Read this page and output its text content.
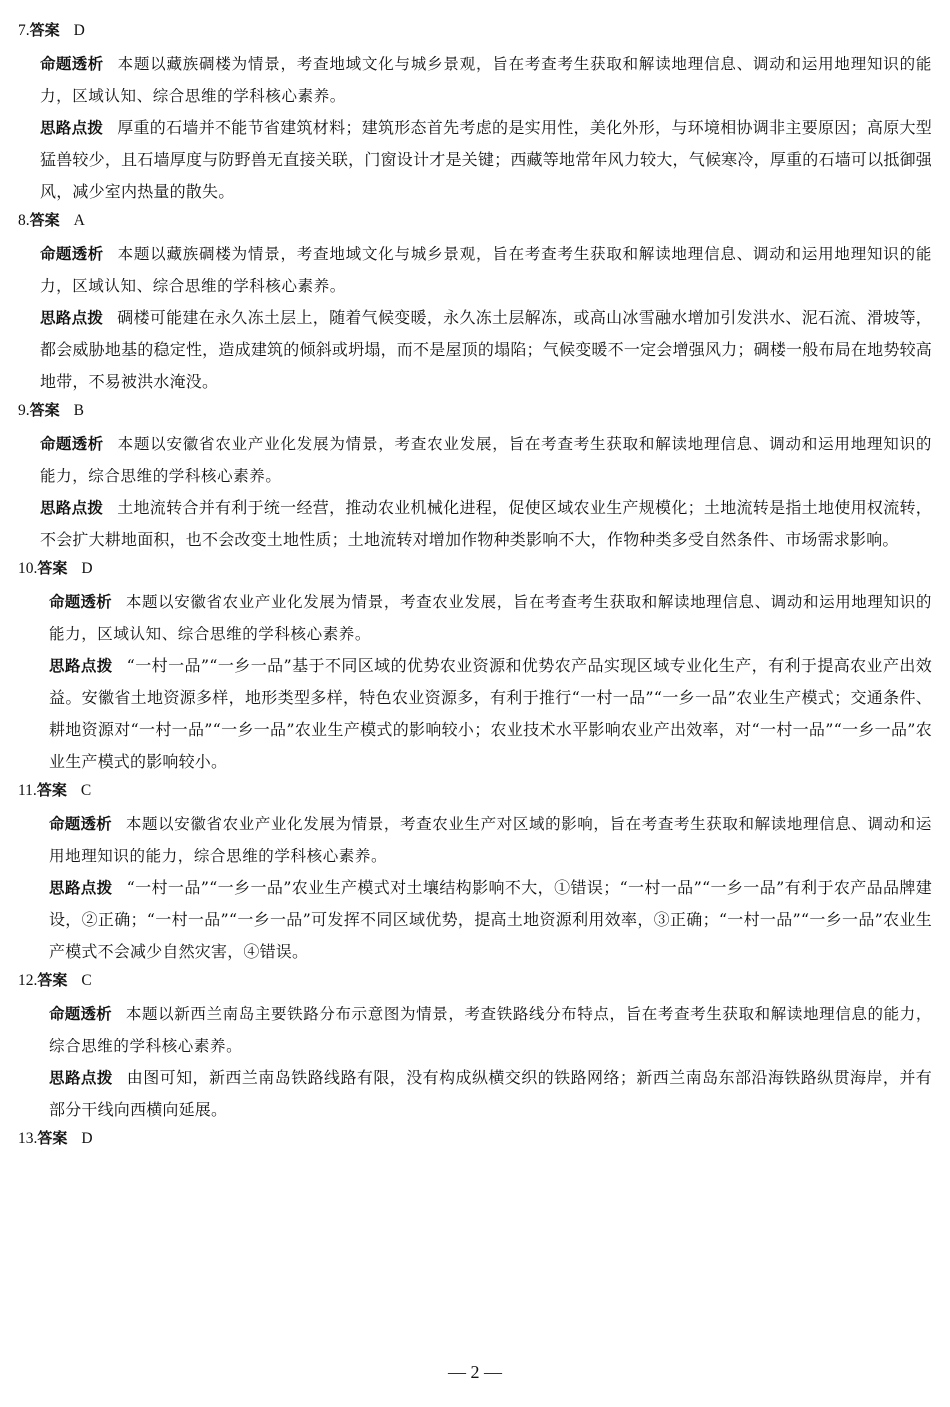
7.答案 D

命题透析 本题以藏族碉楼为情景，考查地域文化与城乡景观，旨在考查考生获取和解读地理信息、调动和运用地理知识的能力，区域认知、综合思维的学科核心素养。

思路点拨 厚重的石墙并不能节省建筑材料；建筑形态首先考虑的是实用性，美化外形，与环境相协调非主要原因；高原大型猛兽较少，且石墙厚度与防野兽无直接关联，门窗设计才是关键；西藏等地常年风力较大，气候寒冷，厚重的石墙可以抵御强风，减少室内热量的散失。

8.答案 A

命题透析 本题以藏族碉楼为情景，考查地域文化与城乡景观，旨在考查考生获取和解读地理信息、调动和运用地理知识的能力，区域认知、综合思维的学科核心素养。

思路点拨 碉楼可能建在永久冻土层上，随着气候变暖，永久冻土层解冻，或高山冰雪融水增加引发洪水、泥石流、滑坡等，都会威胁地基的稳定性，造成建筑的倾斜或坍塌，而不是屋顶的塌陷；气候变暖不一定会增强风力；碉楼一般布局在地势较高地带，不易被洪水淹没。

9.答案 B

命题透析 本题以安徽省农业产业化发展为情景，考查农业发展，旨在考查考生获取和解读地理信息、调动和运用地理知识的能力，综合思维的学科核心素养。

思路点拨 土地流转合并有利于统一经营，推动农业机械化进程，促使区域农业生产规模化；土地流转是指土地使用权流转，不会扩大耕地面积，也不会改变土地性质；土地流转对增加作物种类影响不大，作物种类多受自然条件、市场需求影响。

10.答案 D

命题透析 本题以安徽省农业产业化发展为情景，考查农业发展，旨在考查考生获取和解读地理信息、调动和运用地理知识的能力，区域认知、综合思维的学科核心素养。

思路点拨 “一村一品”“一乡一品”基于不同区域的优势农业资源和优势农产品实现区域专业化生产，有利于提高农业产出效益。安徽省土地资源多样，地形类型多样，特色农业资源多，有利于推行“一村一品”“一乡一品”农业生产模式；交通条件、耕地资源对“一村一品”“一乡一品”农业生产模式的影响较小；农业技术水平影响农业产出效率，对“一村一品”“一乡一品”农业生产模式的影响较小。

11.答案 C

命题透析 本题以安徽省农业产业化发展为情景，考查农业生产对区域的影响，旨在考查考生获取和解读地理信息、调动和运用地理知识的能力，综合思维的学科核心素养。

思路点拨 “一村一品”“一乡一品”农业生产模式对土壤结构影响不大，①错误；“一村一品”“一乡一品”有利于农产品品牌建设，②正确；“一村一品”“一乡一品”可发挥不同区域优势，提高土地资源利用效率，③正确；“一村一品”“一乡一品”农业生产模式不会减少自然灾害，④错误。

12.答案 C

命题透析 本题以新西兰南岛主要铁路分布示意图为情景，考查铁路线分布特点，旨在考查考生获取和解读地理信息的能力，综合思维的学科核心素养。

思路点拨 由图可知，新西兰南岛铁路线路有限，没有构成纵横交织的铁路网络；新西兰南岛东部沿海铁路纵贯海岸，并有部分干线向西横向延展。

13.答案 D
— 2 —
